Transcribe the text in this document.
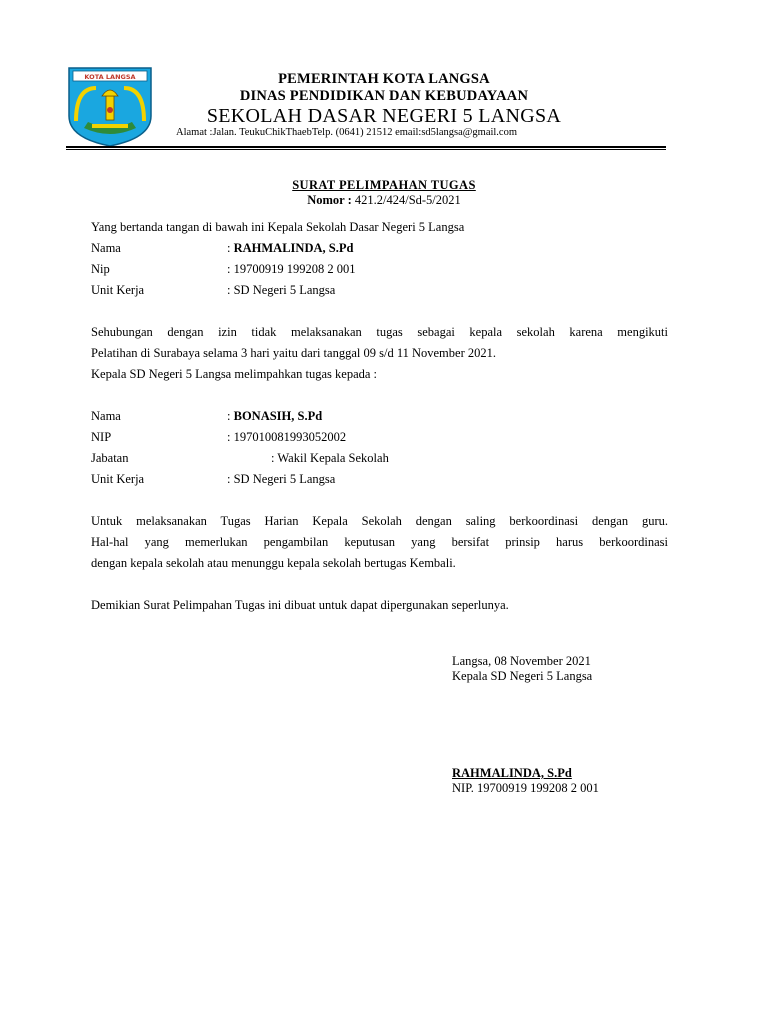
KOTA LANGSA	PEMERINTAH KOTA LANGSA
DINAS PENDIDIKAN DAN KEBUDAYAAN
SEKOLAH DASAR NEGERI 5 LANGSA
Alamat :Jalan. TeukuChikThaebTelp. (0641) 21512 email:sd5langsa@gmail.com
SURAT PELIMPAHAN TUGAS
Nomor : 421.2/424/Sd-5/2021
Yang bertanda tangan di bawah ini Kepala Sekolah Dasar Negeri 5 Langsa
Nama	: RAHMALINDA, S.Pd
Nip	: 19700919 199208 2 001
Unit Kerja	: SD Negeri 5 Langsa
Sehubungan dengan izin tidak melaksanakan tugas sebagai kepala sekolah karena mengikuti
Pelatihan di Surabaya selama 3 hari yaitu dari tanggal 09 s/d 11 November 2021.
Kepala SD Negeri 5 Langsa melimpahkan tugas kepada :
Nama	: BONASIH, S.Pd
NIP	: 197010081993052002
Jabatan	: Wakil Kepala Sekolah
Unit Kerja	: SD Negeri 5 Langsa
Untuk melaksanakan Tugas Harian Kepala Sekolah dengan saling berkoordinasi dengan guru.
Hal-hal yang memerlukan pengambilan keputusan yang bersifat prinsip harus berkoordinasi
dengan kepala sekolah atau menunggu kepala sekolah bertugas Kembali.
Demikian Surat Pelimpahan Tugas ini dibuat untuk dapat dipergunakan seperlunya.
Langsa, 08 November 2021
Kepala SD Negeri 5 Langsa
RAHMALINDA, S.Pd
NIP. 19700919 199208 2 001
